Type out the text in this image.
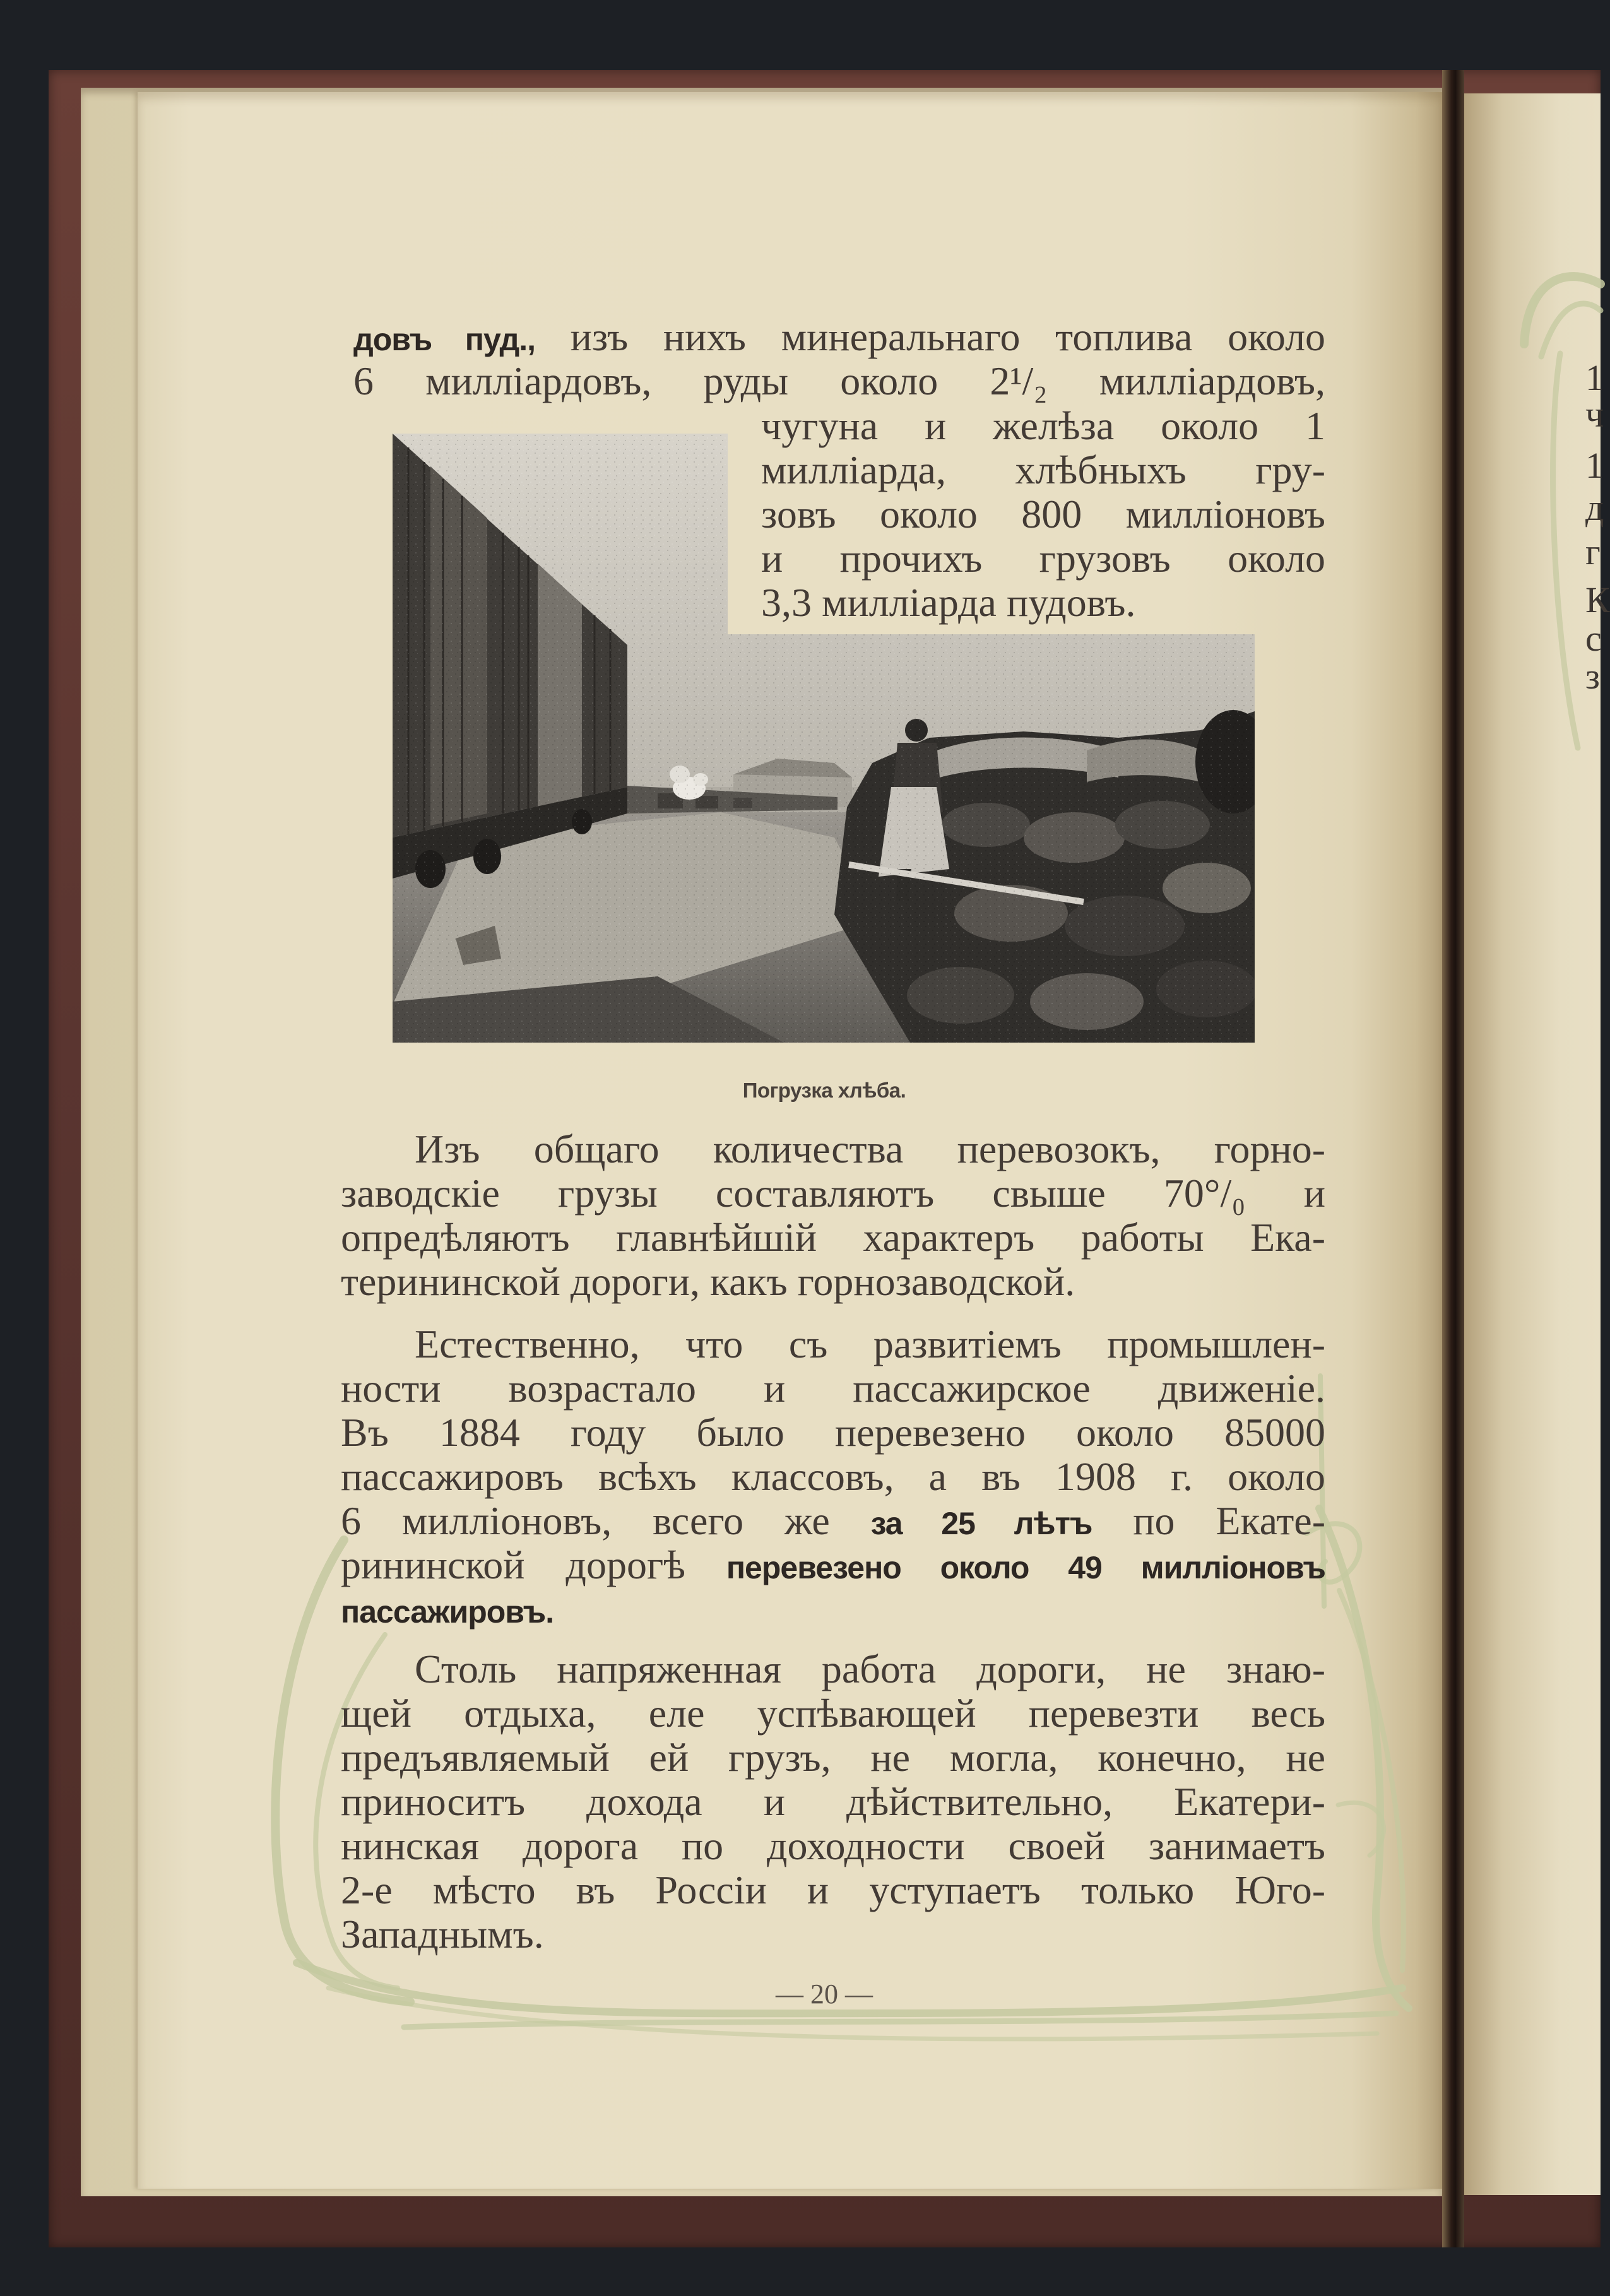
довъ пуд., изъ нихъ минеральнаго топлива около
6 милліардовъ, руды около 2¹/₂ милліардовъ,
чугуна и желѣза около 1
милліарда, хлѣбныхъ гру-
зовъ около 800 милліоновъ
и прочихъ грузовъ около
3,3 милліарда пудовъ.
Погрузка хлѣба.
Изъ общаго количества перевозокъ, горно-
заводскіе грузы составляютъ свыше 70°/₀ и
опредѣляютъ главнѣйшій характеръ работы Ека-
терининской дороги, какъ горнозаводской.
Естественно, что съ развитіемъ промышлен-
ности возрастало и пассажирское движеніе.
Въ 1884 году было перевезено около 85000
пассажировъ всѣхъ классовъ, а въ 1908 г. около
6 милліоновъ, всего же за 25 лѣтъ по Екате-
рининской дорогѣ перевезено около 49 милліоновъ
пассажировъ.
Столь напряженная работа дороги, не знаю-
щей отдыха, еле успѣвающей перевезти весь
предъявляемый ей грузъ, не могла, конечно, не
приноситъ дохода и дѣйствительно, Екатери-
нинская дорога по доходности своей занимаетъ
2-е мѣсто въ Россіи и уступаетъ только Юго-
Западнымъ.
— 20 —
1
ч
1
д
г
К
с
з
